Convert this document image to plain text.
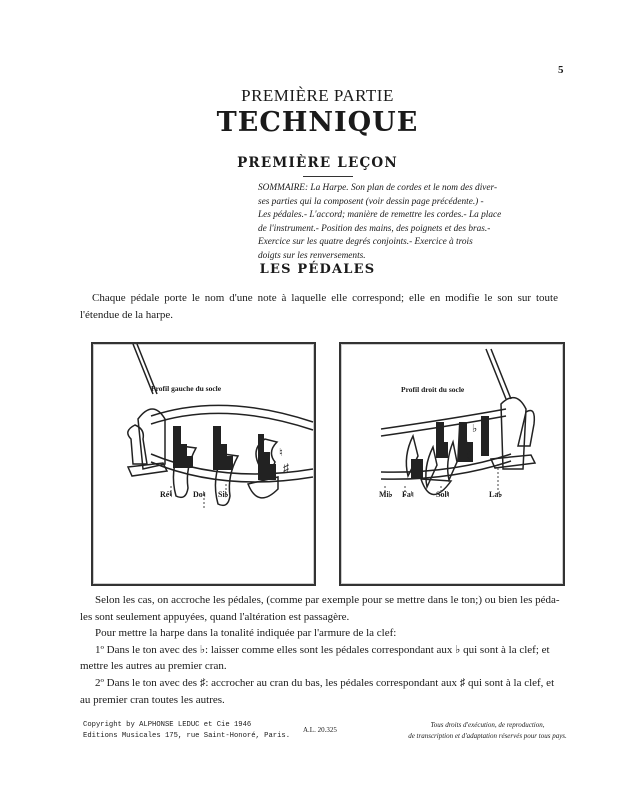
5
PREMIÈRE PARTIE
TECHNIQUE
PREMIÈRE LEÇON
SOMMAIRE: La Harpe. Son plan de cordes et le nom des diver-
ses parties qui la composent (voir dessin page précédente.) -
Les pédales.- L'accord; manière de remettre les cordes.- La place
de l'instrument.- Position des mains, des poignets et des bras.-
Exercice sur les quatre degrés conjoints.- Exercice à trois
doigts sur les renversements.
LES PÉDALES
Chaque pédale porte le nom d'une note à laquelle elle correspond; elle en modifie le son sur toute l'étendue de la harpe.
♮
♯
Profil gauche du socle
Ré♮	Do♮ Si♭
♭
♭
♯
Profil droit du socle
Mi♭ Fa♮	Sol♮	La♭
Selon les cas, on accroche les pédales, (comme par exemple pour se mettre dans le ton;) ou bien les péda-
les sont seulement appuyées, quand l'altération est passagère.
Pour mettre la harpe dans la tonalité indiquée par l'armure de la clef:
1º Dans le ton avec des ♭: laisser comme elles sont les pédales correspondant aux ♭ qui sont à la clef; et
mettre les autres au premier cran.
2º Dans le ton avec des ♯: accrocher au cran du bas, les pédales correspondant aux ♯ qui sont à la clef, et
au premier cran toutes les autres.
Copyright by ALPHONSE LEDUC et Cie 1946
Editions Musicales 175, rue Saint-Honoré, Paris.
A.L. 20.325
Tous droits d'exécution, de reproduction,
de transcription et d'adaptation réservés pour tous pays.
